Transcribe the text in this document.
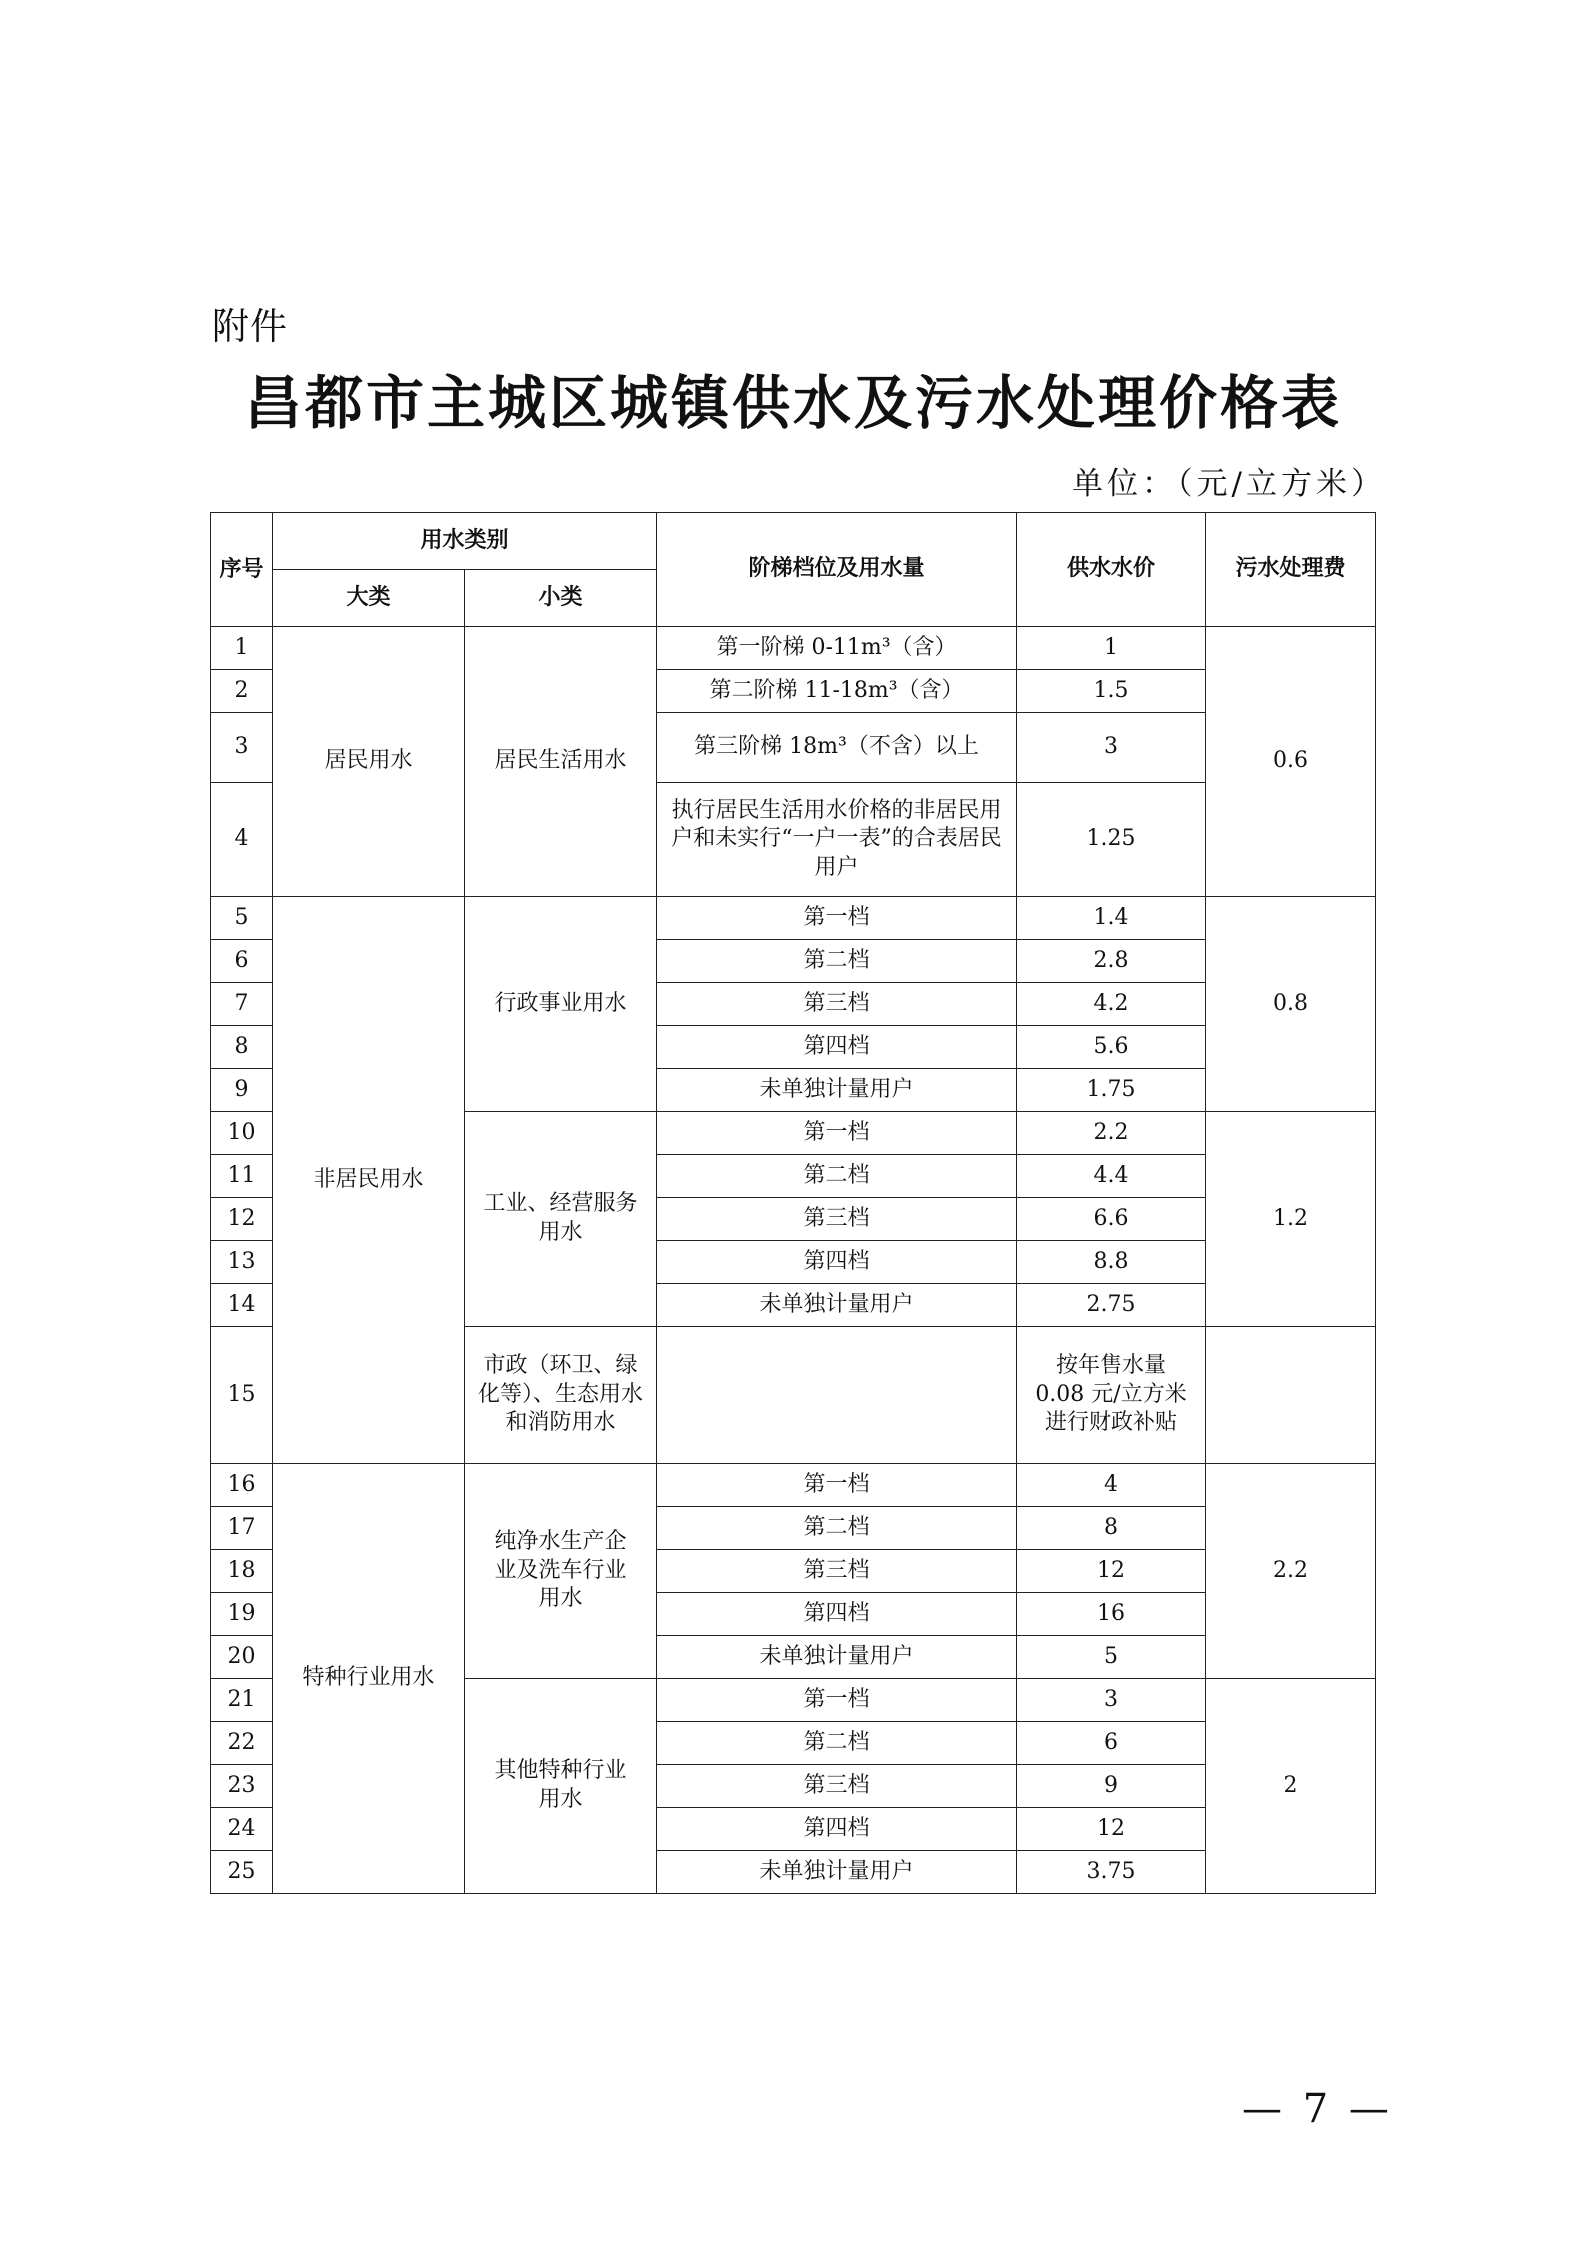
附件
昌都市主城区城镇供水及污水处理价格表
单位：（元/立方米）
序号	用水类别		阶梯档位及用水量	供水水价	污水处理费
	大类	小类			
1	居民用水	居民生活用水	第一阶梯 0-11m³（含）	1	0.6
2			第二阶梯 11-18m³（含）	1.5	
3			第三阶梯 18m³（不含）以上	3	
4			执行居民生活用水价格的非居民用户和未实行“一户一表”的合表居民用户	1.25	
5	非居民用水	行政事业用水	第一档	1.4	0.8
6			第二档	2.8	
7			第三档	4.2	
8			第四档	5.6	
9			未单独计量用户	1.75	
10		工业、经营服务用水	第一档	2.2	1.2
11			第二档	4.4	
12			第三档	6.6	
13			第四档	8.8	
14			未单独计量用户	2.75	
15		市政（环卫、绿化等）、生态用水和消防用水		按年售水量 0.08 元/立方米进行财政补贴	
16	特种行业用水	纯净水生产企业及洗车行业用水	第一档	4	2.2
17			第二档	8	
18			第三档	12	
19			第四档	16	
20			未单独计量用户	5	
21		其他特种行业用水	第一档	3	2
22			第二档	6	
23			第三档	9	
24			第四档	12	
25			未单独计量用户	3.75	
— 7 —
